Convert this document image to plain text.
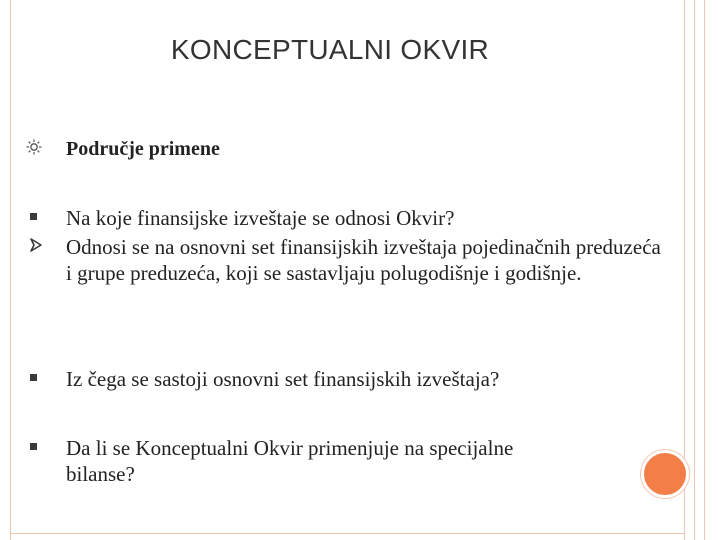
KONCEPTUALNI OKVIR
Područje primene
Na koje finansijske izveštaje se odnosi Okvir?
Odnosi se na osnovni set finansijskih izveštaja pojedinačnih preduzeća i grupe preduzeća, koji se sastavljaju polugodišnje i godišnje.
Iz čega se sastoji osnovni set finansijskih izveštaja?
Da li se Konceptualni Okvir primenjuje na specijalne bilanse?
